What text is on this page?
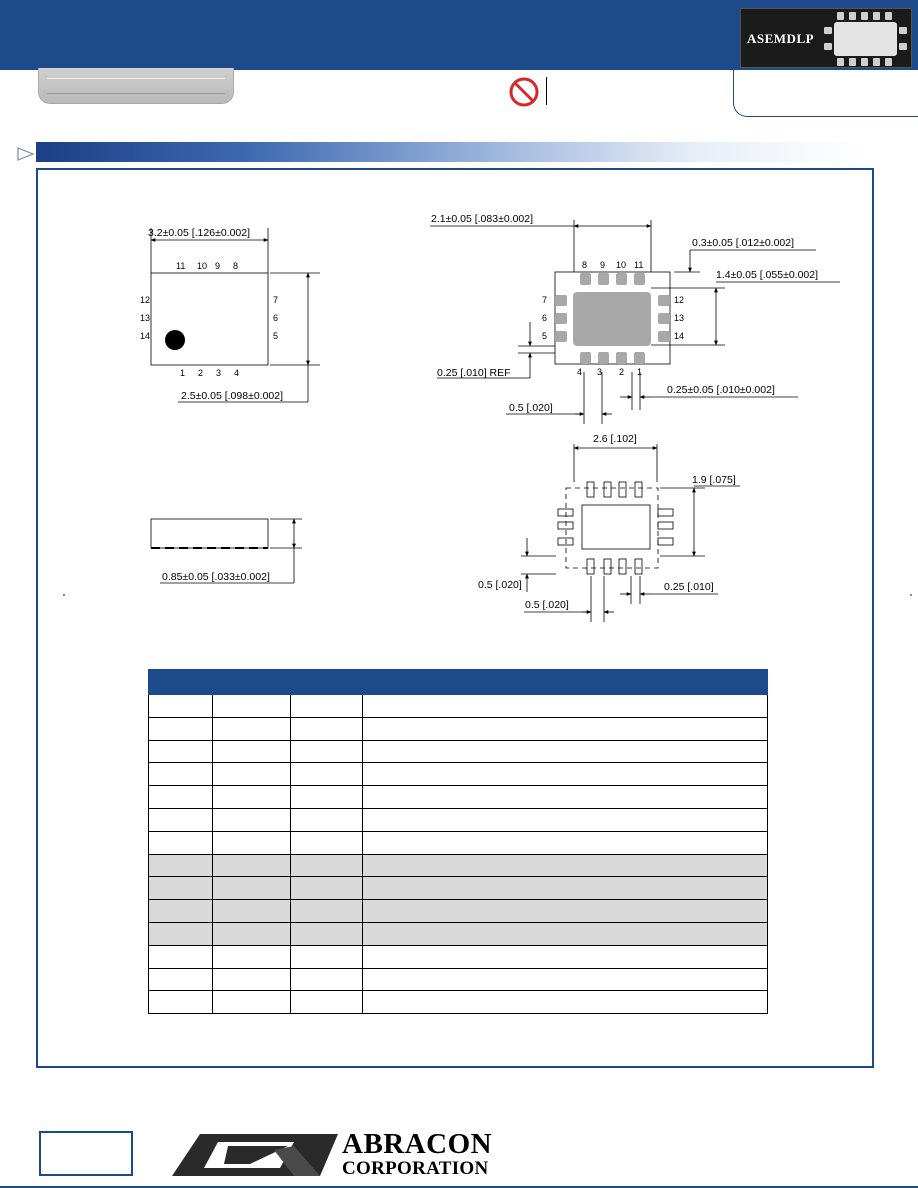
ASEMDLP
3.2±0.05 [.126±0.002]
2.5±0.05 [.098±0.002]
11 10 9 8
12
13
14
7
6
5
1 2 3 4
0.85±0.05 [.033±0.002]
2.1±0.05 [.083±0.002]
0.3±0.05 [.012±0.002]
1.4±0.05 [.055±0.002]
0.25 [.010] REF
0.5 [.020]
0.25±0.05 [.010±0.002]
8 9 10 11
7
6
5
12
13
14
4 3 2 1
2.6 [.102]
1.9 [.075]
0.5 [.020]
0.5 [.020]
0.25 [.010]

ABRACON
CORPORATION
